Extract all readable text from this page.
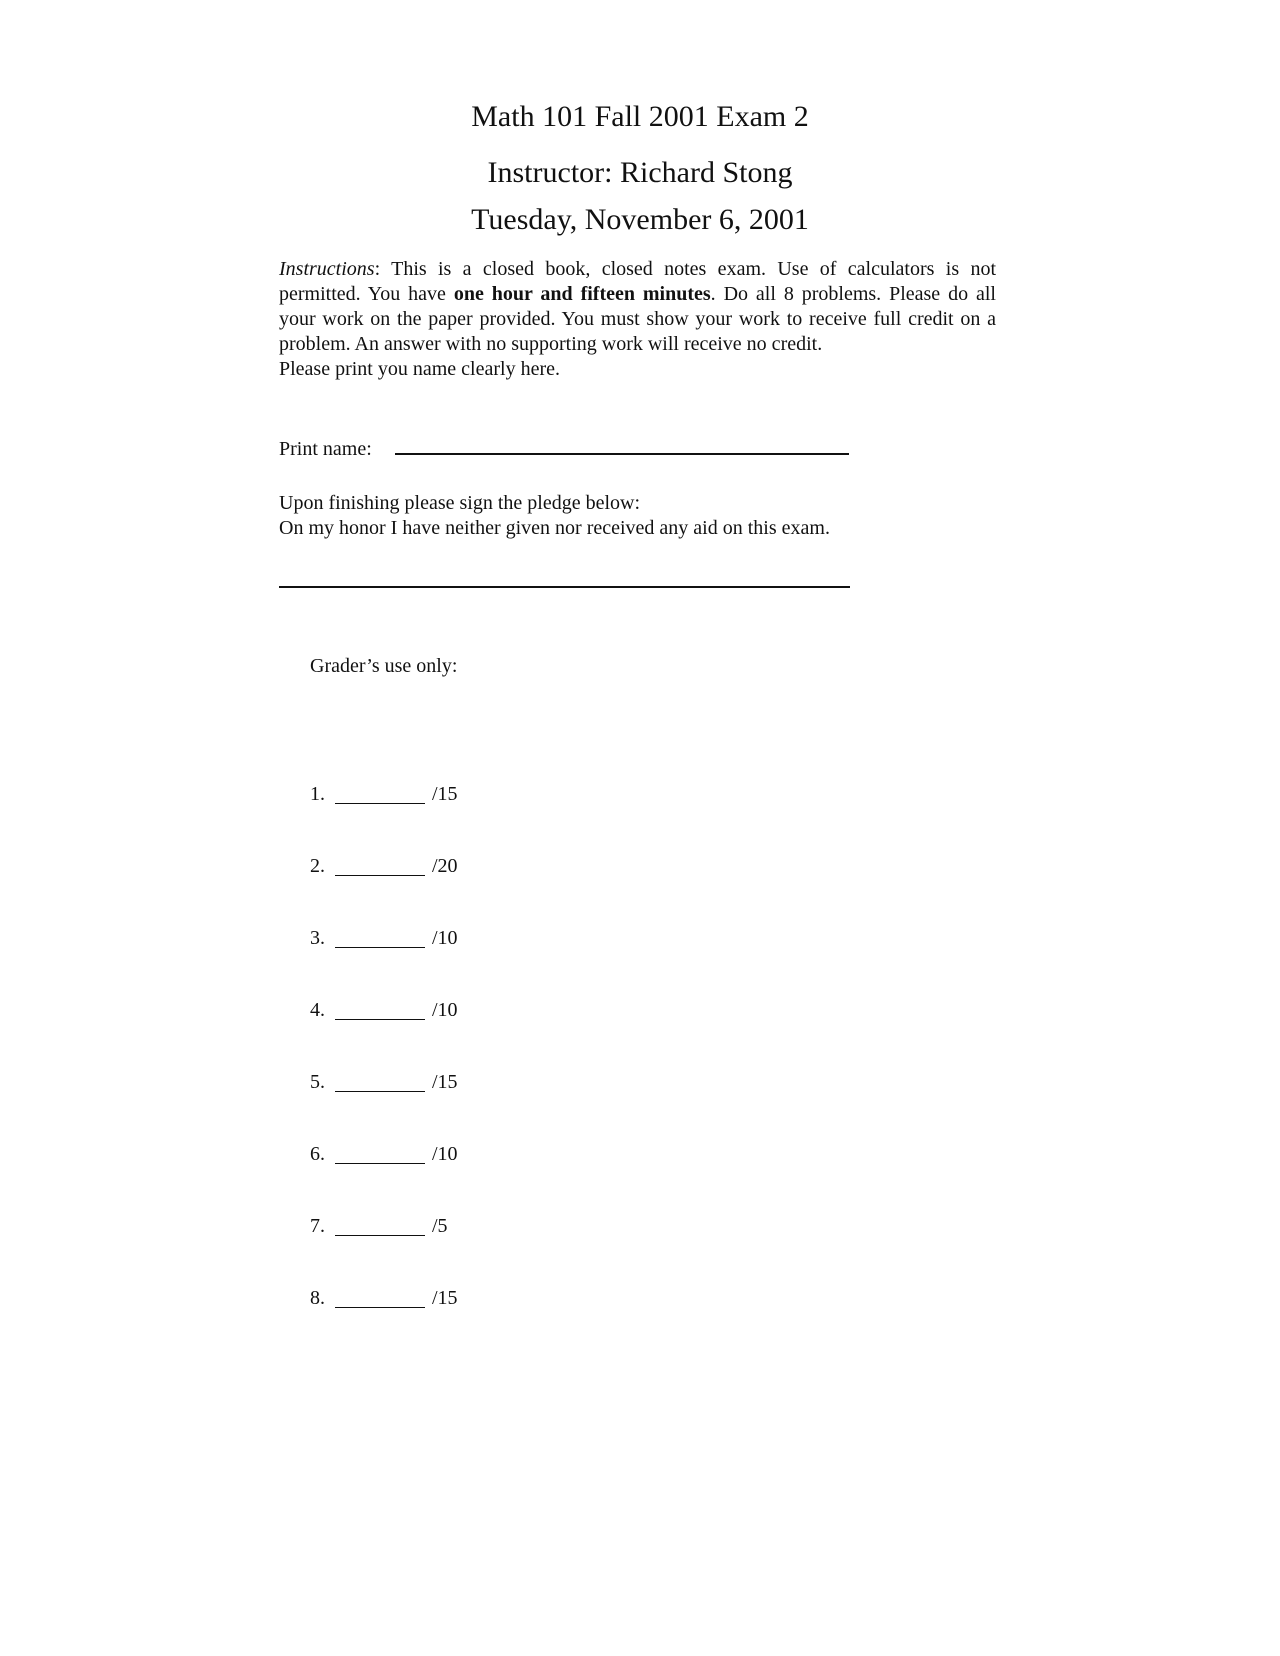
Math 101 Fall 2001 Exam 2
Instructor: Richard Stong
Tuesday, November 6, 2001
Instructions: This is a closed book, closed notes exam. Use of calculators is not permitted. You have one hour and fifteen minutes. Do all 8 problems. Please do all your work on the paper provided. You must show your work to receive full credit on a problem. An answer with no supporting work will receive no credit.
Please print you name clearly here.
Print name:
Upon finishing please sign the pledge below:
On my honor I have neither given nor received any aid on this exam.
Grader’s use only:
1.	/15
2.	/20
3.	/10
4.	/10
5.	/15
6.	/10
7.	/5
8.	/15
